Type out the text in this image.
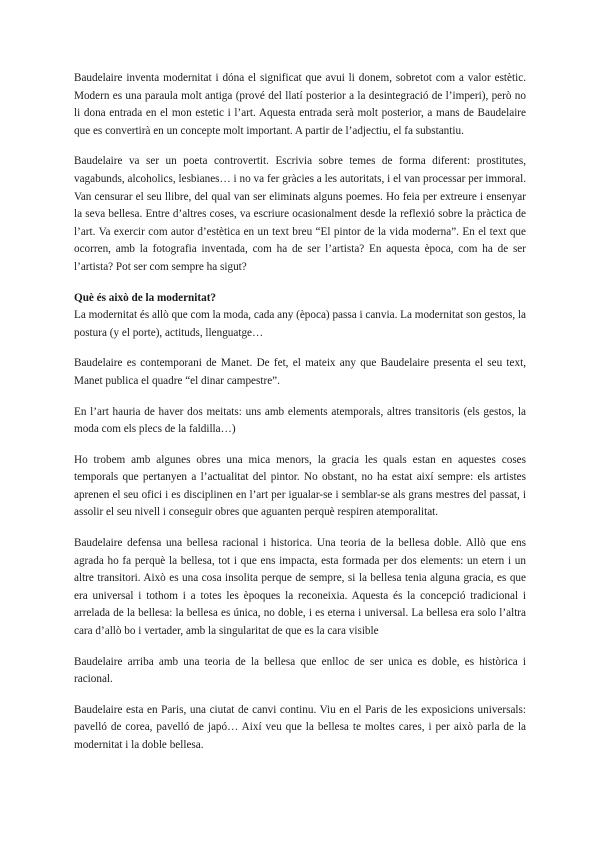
Baudelaire inventa modernitat i dóna el significat que avui li donem, sobretot com a valor estètic. Modern es una paraula molt antiga (prové del llatí posterior a la desintegració de l’imperi), però no li dona entrada en el mon estetic i l’art. Aquesta entrada serà molt posterior, a mans de Baudelaire que es convertirà en un concepte molt important. A partir de l’adjectiu, el fa substantiu.

Baudelaire va ser un poeta controvertit. Escrivia sobre temes de forma diferent: prostitutes, vagabunds, alcoholics, lesbianes… i no va fer gràcies a les autoritats, i el van processar per immoral. Van censurar el seu llibre, del qual van ser eliminats alguns poemes. Ho feia per extreure i ensenyar la seva bellesa. Entre d’altres coses, va escriure ocasionalment desde la reflexió sobre la pràctica de l’art. Va exercir com autor d’estètica en un text breu “El pintor de la vida moderna”. En el text que ocorren, amb la fotografia inventada, com ha de ser l’artista? En aquesta època, com ha de ser l’artista? Pot ser com sempre ha sigut?

Què és això de la modernitat?

La modernitat és allò que com la moda, cada any (època) passa i canvia. La modernitat son gestos, la postura (y el porte), actituds, llenguatge…

Baudelaire es contemporani de Manet. De fet, el mateix any que Baudelaire presenta el seu text, Manet publica el quadre “el dinar campestre”.

En l’art hauria de haver dos meitats: uns amb elements atemporals, altres transitoris (els gestos, la moda com els plecs de la faldilla…)

Ho trobem amb algunes obres una mica menors, la gracia les quals estan en aquestes coses temporals que pertanyen a l’actualitat del pintor. No obstant, no ha estat així sempre: els artistes aprenen el seu ofici i es disciplinen en l’art per igualar-se i semblar-se als grans mestres del passat, i assolir el seu nivell i conseguir obres que aguanten perquè respiren atemporalitat.

Baudelaire defensa una bellesa racional i historica. Una teoria de la bellesa doble. Allò que ens agrada ho fa perquè la bellesa, tot i que ens impacta, esta formada per dos elements: un etern i un altre transitori. Això es una cosa insolita perque de sempre, si la bellesa tenia alguna gracia, es que era universal i tothom i a totes les èpoques la reconeixia. Aquesta és la concepció tradicional i arrelada de la bellesa: la bellesa es única, no doble, i es eterna i universal. La bellesa era solo l’altra cara d’allò bo i vertader, amb la singularitat de que es la cara visible

Baudelaire arriba amb una teoria de la bellesa que enlloc de ser unica es doble, es històrica i racional.

Baudelaire esta en Paris, una ciutat de canvi continu. Viu en el Paris de les exposicions universals: pavelló de corea, pavelló de japó… Així veu que la bellesa te moltes cares, i per això parla de la modernitat i la doble bellesa.
